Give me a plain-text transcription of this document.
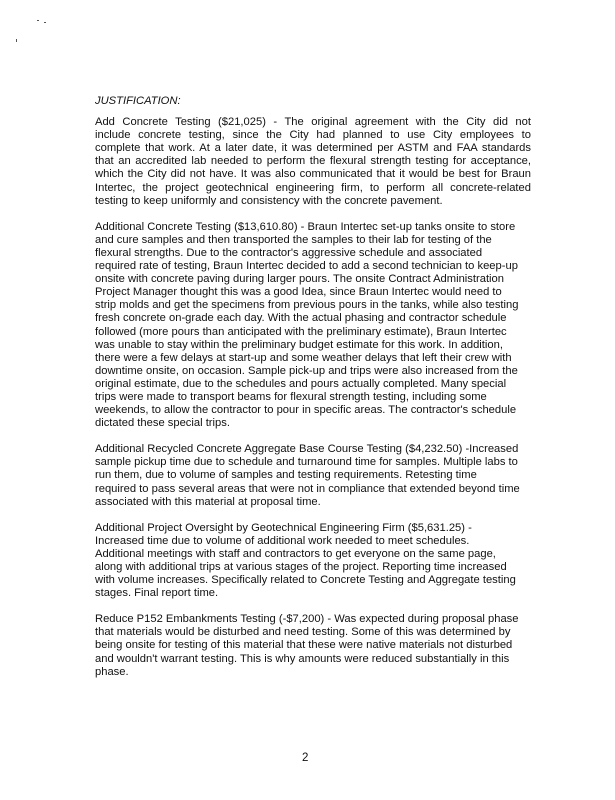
JUSTIFICATION:
Add Concrete Testing ($21,025) - The original agreement with the City did not
include concrete testing, since the City had planned to use City employees to
complete that work. At a later date, it was determined per ASTM and FAA standards
that an accredited lab needed to perform the flexural strength testing for acceptance,
which the City did not have. It was also communicated that it would be best for Braun
Intertec, the project geotechnical engineering firm, to perform all concrete-related
testing to keep uniformly and consistency with the concrete pavement.
Additional Concrete Testing ($13,610.80) - Braun Intertec set-up tanks onsite to store
and cure samples and then transported the samples to their lab for testing of the
flexural strengths. Due to the contractor's aggressive schedule and associated
required rate of testing, Braun Intertec decided to add a second technician to keep-up
onsite with concrete paving during larger pours. The onsite Contract Administration
Project Manager thought this was a good Idea, since Braun Intertec would need to
strip molds and get the specimens from previous pours in the tanks, while also testing
fresh concrete on-grade each day. With the actual phasing and contractor schedule
followed (more pours than anticipated with the preliminary estimate), Braun Intertec
was unable to stay within the preliminary budget estimate for this work. In addition,
there were a few delays at start-up and some weather delays that left their crew with
downtime onsite, on occasion. Sample pick-up and trips were also increased from the
original estimate, due to the schedules and pours actually completed. Many special
trips were made to transport beams for flexural strength testing, including some
weekends, to allow the contractor to pour in specific areas. The contractor's schedule
dictated these special trips.
Additional Recycled Concrete Aggregate Base Course Testing ($4,232.50) -Increased
sample pickup time due to schedule and turnaround time for samples. Multiple labs to
run them, due to volume of samples and testing requirements. Retesting time
required to pass several areas that were not in compliance that extended beyond time
associated with this material at proposal time.
Additional Project Oversight by Geotechnical Engineering Firm ($5,631.25) -
Increased time due to volume of additional work needed to meet schedules.
Additional meetings with staff and contractors to get everyone on the same page,
along with additional trips at various stages of the project. Reporting time increased
with volume increases. Specifically related to Concrete Testing and Aggregate testing
stages. Final report time.
Reduce P152 Embankments Testing (-$7,200) - Was expected during proposal phase
that materials would be disturbed and need testing. Some of this was determined by
being onsite for testing of this material that these were native materials not disturbed
and wouldn't warrant testing. This is why amounts were reduced substantially in this
phase.
2
